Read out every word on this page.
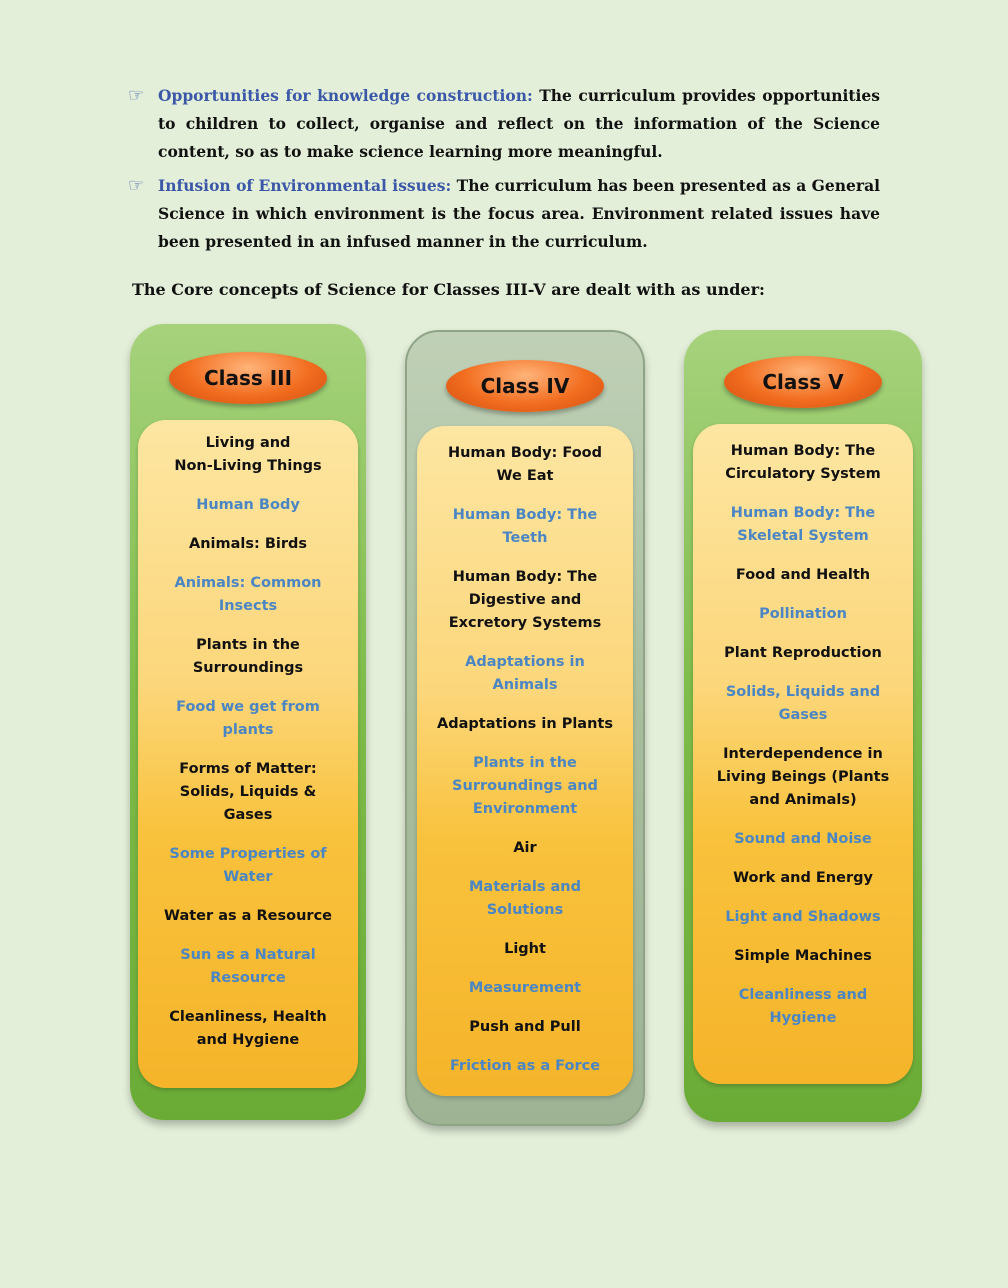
☞ Opportunities for knowledge construction: The curriculum provides opportunities to children to collect, organise and reflect on the information of the Science content, so as to make science learning more meaningful.
☞ Infusion of Environmental issues: The curriculum has been presented as a General Science in which environment is the focus area. Environment related issues have been presented in an infused manner in the curriculum.
The Core concepts of Science for Classes III-V are dealt with as under:
Class III
Living and
Non-Living Things
Human Body
Animals: Birds
Animals: Common
Insects
Plants in the
Surroundings
Food we get from
plants
Forms of Matter:
Solids, Liquids &
Gases
Some Properties of
Water
Water as a Resource
Sun as a Natural
Resource
Cleanliness, Health
and Hygiene
Class IV
Human Body: Food
We Eat
Human Body: The
Teeth
Human Body: The
Digestive and
Excretory Systems
Adaptations in
Animals
Adaptations in Plants
Plants in the
Surroundings and
Environment
Air
Materials and
Solutions
Light
Measurement
Push and Pull
Friction as a Force
Class V
Human Body: The
Circulatory System
Human Body: The
Skeletal System
Food and Health
Pollination
Plant Reproduction
Solids, Liquids and
Gases
Interdependence in
Living Beings (Plants
and Animals)
Sound and Noise
Work and Energy
Light and Shadows
Simple Machines
Cleanliness and
Hygiene
